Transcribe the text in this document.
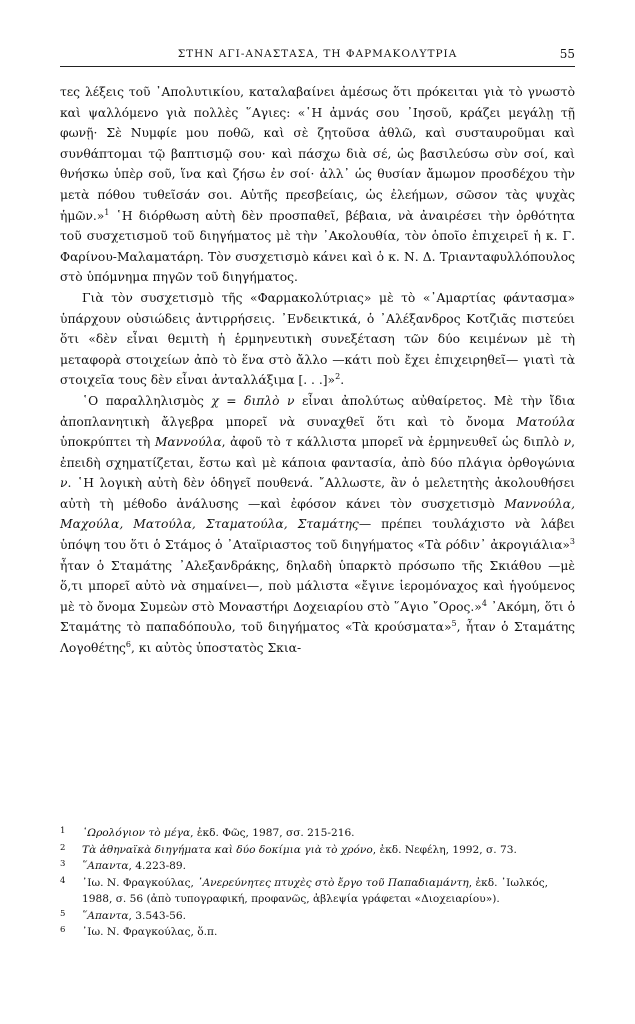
ΣΤΗΝ ΑΓΙ-ΑΝΑΣΤΑΣΑ, ΤΗ ΦΑΡΜΑΚΟΛΥΤΡΙΑ	55

τες λέξεις τοῦ ᾿Απολυτικίου, καταλαβαίνει ἀμέσως ὅτι πρόκειται γιὰ τὸ γνωστὸ καὶ ψαλλόμενο γιὰ πολλὲς ῞Αγιες: «῾Η ἀμνάς σου ᾿Ιησοῦ, κράζει μεγάλῃ τῇ φωνῇ· Σὲ Νυμφίε μου ποθῶ, καὶ σὲ ζητοῦσα ἀθλῶ, καὶ συσταυροῦμαι καὶ συνθάπτομαι τῷ βαπτισμῷ σου· καὶ πάσχω διὰ σέ, ὡς βασιλεύσω σὺν σοί, καὶ θνήσκω ὑπὲρ σοῦ, ἵνα καὶ ζήσω ἐν σοί· ἀλλ᾿ ὡς θυσίαν ἄμωμον προσδέχου τὴν μετὰ πόθου τυθεῖσάν σοι. Αὐτῆς πρεσβείαις, ὡς ἐλεήμων, σῶσον τὰς ψυχὰς ἡμῶν.»$^1$ ῾Η διόρθωση αὐτὴ δὲν προσπαθεῖ, βέβαια, νὰ ἀναιρέσει τὴν ὀρθότητα τοῦ συσχετισμοῦ τοῦ διηγήματος μὲ τὴν ᾿Ακολουθία, τὸν ὁποῖο ἐπιχειρεῖ ἡ κ. Γ. Φαρίνου-Μαλαματάρη. Τὸν συσχετισμὸ κάνει καὶ ὁ κ. Ν. Δ. Τριανταφυλλόπουλος στὸ ὑπόμνημα πηγῶν τοῦ διηγήματος.

Γιὰ τὸν συσχετισμὸ τῆς «Φαρμακολύτριας» μὲ τὸ «᾿Αμαρτίας φάντασμα» ὑπάρχουν οὐσιώδεις ἀντιρρήσεις. ᾿Ενδεικτικά, ὁ ᾿Αλέξανδρος Κοτζιᾶς πιστεύει ὅτι «δὲν εἶναι θεμιτὴ ἡ ἑρμηνευτικὴ συνεξέταση τῶν δύο κειμένων μὲ τὴ μεταφορὰ στοιχείων ἀπὸ τὸ ἕνα στὸ ἄλλο —κάτι ποὺ ἔχει ἐπιχειρηθεῖ— γιατὶ τὰ στοιχεῖα τους δὲν εἶναι ἀνταλλάξιμα [. . .]»$^2$.

῾Ο παραλληλισμὸς χ = διπλὸ ν εἶναι ἀπολύτως αὐθαίρετος. Μὲ τὴν ἴδια ἀποπλανητικὴ ἄλγεβρα μπορεῖ νὰ συναχθεῖ ὅτι καὶ τὸ ὄνομα Ματούλα ὑποκρύπτει τὴ Μαννούλα, ἀφοῦ τὸ τ κάλλιστα μπορεῖ νὰ ἑρμηνευθεῖ ὡς διπλὸ ν, ἐπειδὴ σχηματίζεται, ἔστω καὶ μὲ κάποια φαντασία, ἀπὸ δύο πλάγια ὀρθογώνια ν. ῾Η λογικὴ αὐτὴ δὲν ὁδηγεῖ πουθενά. ῎Αλλωστε, ἂν ὁ μελετητὴς ἀκολουθήσει αὐτὴ τὴ μέθοδο ἀνάλυσης —καὶ ἐφόσον κάνει τὸν συσχετισμὸ Μαννούλα, Μαχούλα, Ματούλα, Σταματούλα, Σταμάτης— πρέπει τουλάχιστο νὰ λάβει ὑπόψη του ὅτι ὁ Στάμος ὁ ᾿Αταϊριαστος τοῦ διηγήματος «Τὰ ρόδιν᾿ ἀκρογιάλια»$^3$ ἦταν ὁ Σταμάτης ᾿Αλεξανδράκης, δηλαδὴ ὑπαρκτὸ πρόσωπο τῆς Σκιάθου —μὲ ὅ,τι μπορεῖ αὐτὸ νὰ σημαίνει—, ποὺ μάλιστα «ἔγινε ἱερομόναχος καὶ ἡγούμενος μὲ τὸ ὄνομα Συμεὼν στὸ Μοναστήρι Δοχειαρίου στὸ ῞Αγιο ῎Ορος.»$^4$ ᾿Ακόμη, ὅτι ὁ Σταμάτης τὸ παπαδόπουλο, τοῦ διηγήματος «Τὰ κρούσματα»$^5$, ἦταν ὁ Σταμάτης Λογοθέτης$^6$, κι αὐτὸς ὑποστατὸς Σκια-

1 ῾Ωρολόγιον τὸ μέγα, ἐκδ. Φῶς, 1987, σσ. 215-216.
2 Τὰ ἀθηναϊκὰ διηγήματα καὶ δύο δοκίμια γιὰ τὸ χρόνο, ἐκδ. Νεφέλη, 1992, σ. 73.
3 ῞Απαντα, 4.223-89.
4 ᾿Ιω. Ν. Φραγκούλας, ᾿Ανερεύνητες πτυχὲς στὸ ἔργο τοῦ Παπαδιαμάντη, ἐκδ. ᾿Ιωλκός, 1988, σ. 56 (ἀπὸ τυπογραφική, προφανῶς, ἀβλεψία γράφεται «Διοχειαρίου»).
5 ῞Απαντα, 3.543-56.
6 ᾿Ιω. Ν. Φραγκούλας, ὅ.π.
